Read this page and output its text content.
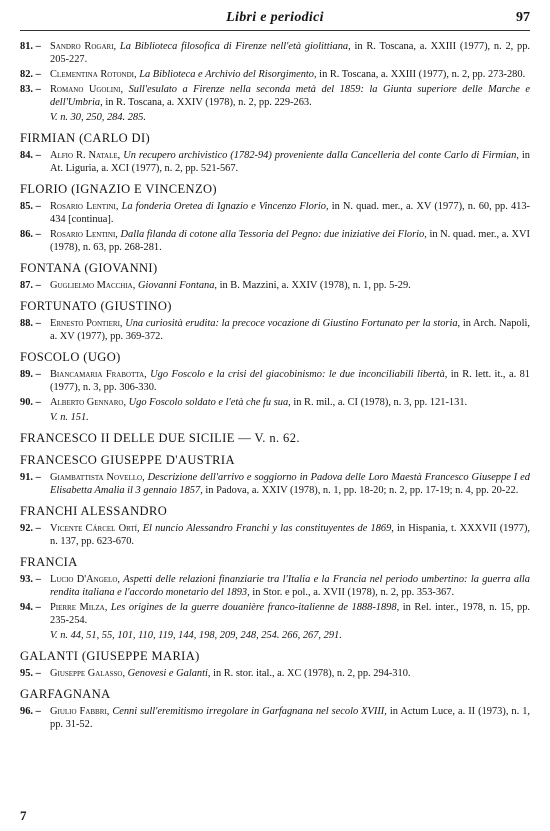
Libri e periodici	97
81. – Sandro Rogari, La Biblioteca filosofica di Firenze nell'età giolittiana, in R. Toscana, a. XXIII (1977), n. 2, pp. 205-227.
82. – Clementina Rotondi, La Biblioteca e Archivio del Risorgimento, in R. Toscana, a. XXIII (1977), n. 2, pp. 273-280.
83. – Romano Ugolini, Sull'esulato a Firenze nella seconda metà del 1859: la Giunta superiore delle Marche e dell'Umbria, in R. Toscana, a. XXIV (1978), n. 2, pp. 229-263.
V. n. 30, 250, 284. 285.
FIRMIAN (CARLO DI)
84. – Alfio R. Natale, Un recupero archivistico (1782-94) proveniente dalla Cancelleria del conte Carlo di Firmian, in At. Liguria, a. XCI (1977), n. 2, pp. 521-567.
FLORIO (IGNAZIO E VINCENZO)
85. – Rosario Lentini, La fonderia Oretea di Ignazio e Vincenzo Florio, in N. quad. mer., a. XV (1977), n. 60, pp. 413-434 [continua].
86. – Rosario Lentini, Dalla filanda di cotone alla Tessoria del Pegno: due iniziative dei Florio, in N. quad. mer., a. XVI (1978), n. 63, pp. 268-281.
FONTANA (GIOVANNI)
87. – Guglielmo Macchia, Giovanni Fontana, in B. Mazzini, a. XXIV (1978), n. 1, pp. 5-29.
FORTUNATO (GIUSTINO)
88. – Ernesto Pontieri, Una curiosità erudita: la precoce vocazione di Giustino Fortunato per la storia, in Arch. Napoli, a. XV (1977), pp. 369-372.
FOSCOLO (UGO)
89. – Biancamaria Frabotta, Ugo Foscolo e la crisi del giacobinismo: le due inconciliabili libertà, in R. lett. it., a. 81 (1977), n. 3, pp. 306-330.
90. – Alberto Gennaro, Ugo Foscolo soldato e l'età che fu sua, in R. mil., a. CI (1978), n. 3, pp. 121-131.
V. n. 151.
FRANCESCO II DELLE DUE SICILIE — V. n. 62.
FRANCESCO GIUSEPPE D'AUSTRIA
91. – Giambattista Novello, Descrizione dell'arrivo e soggiorno in Padova delle Loro Maestà Francesco Giuseppe I ed Elisabetta Amalia il 3 gennaio 1857, in Padova, a. XXIV (1978), n. 1, pp. 18-20; n. 2, pp. 17-19; n. 4, pp. 20-22.
FRANCHI ALESSANDRO
92. – Vicente Cárcel Ortí, El nuncio Alessandro Franchi y las constituyentes de 1869, in Hispania, t. XXXVII (1977), n. 137, pp. 623-670.
FRANCIA
93. – Lucio D'Angelo, Aspetti delle relazioni finanziarie tra l'Italia e la Francia nel periodo umbertino: la guerra alla rendita italiana e l'accordo monetario del 1893, in Stor. e pol., a. XVII (1978), n. 2, pp. 353-367.
94. – Pierre Milza, Les origines de la guerre douanière franco-italienne de 1888-1898, in Rel. inter., 1978, n. 15, pp. 235-254.
V. n. 44, 51, 55, 101, 110, 119, 144, 198, 209, 248, 254. 266, 267, 291.
GALANTI (GIUSEPPE MARIA)
95. – Giuseppe Galasso, Genovesi e Galanti, in R. stor. ital., a. XC (1978), n. 2, pp. 294-310.
GARFAGNANA
96. – Giulio Fabbri, Cenni sull'eremitismo irregolare in Garfagnana nel secolo XVIII, in Actum Luce, a. II (1973), n. 1, pp. 31-52.
7
